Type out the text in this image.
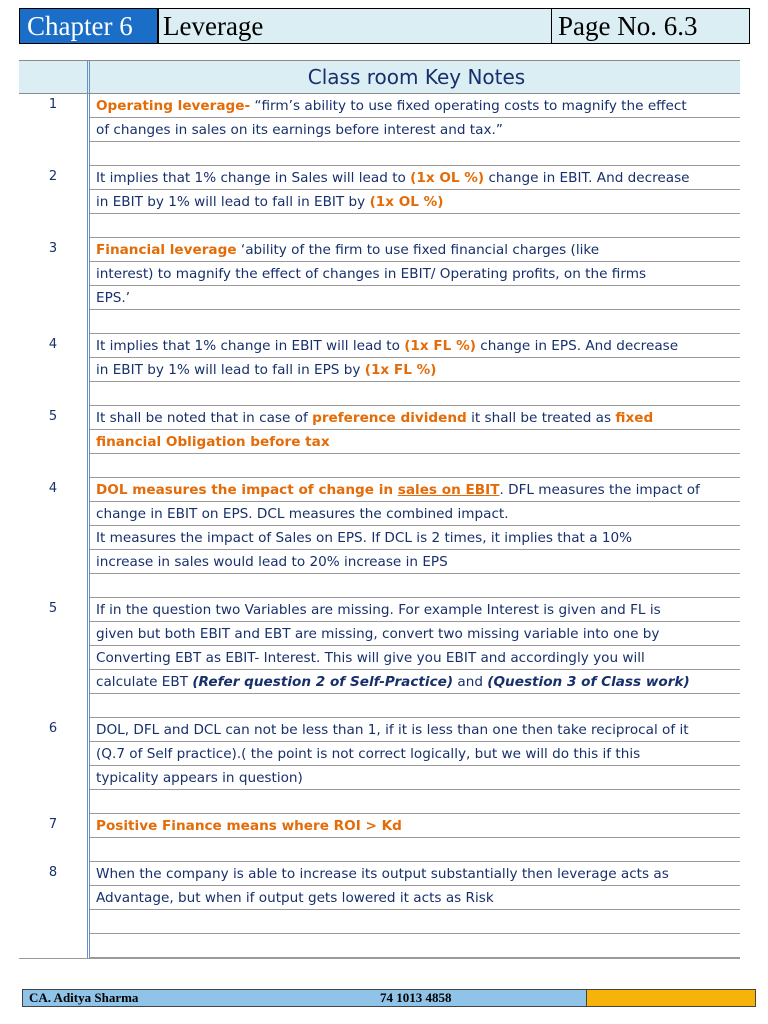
Chapter 6	Leverage	Page No. 6.3
Class room Key Notes
1	Operating leverage- “firm’s ability to use fixed operating costs to magnify the effect
of changes in sales on its earnings before interest and tax.”
2	It implies that 1% change in Sales will lead to (1x OL %) change in EBIT. And decrease
in EBIT by 1% will lead to fall in EBIT by (1x OL %)
3	Financial leverage ‘ability of the firm to use fixed financial charges (like
interest) to magnify the effect of changes in EBIT/ Operating profits, on the firms
EPS.’
4	It implies that 1% change in EBIT will lead to (1x FL %) change in EPS. And decrease
in EBIT by 1% will lead to fall in EPS by (1x FL %)
5	It shall be noted that in case of preference dividend it shall be treated as fixed
financial Obligation before tax
4	DOL measures the impact of change in sales on EBIT. DFL measures the impact of
change in EBIT on EPS. DCL measures the combined impact.
It measures the impact of Sales on EPS. If DCL is 2 times, it implies that a 10%
increase in sales would lead to 20% increase in EPS
5	If in the question two Variables are missing. For example Interest is given and FL is
given but both EBIT and EBT are missing, convert two missing variable into one by
Converting EBT as EBIT- Interest. This will give you EBIT and accordingly you will
calculate EBT (Refer question 2 of Self-Practice) and (Question 3 of Class work)
6	DOL, DFL and DCL can not be less than 1, if it is less than one then take reciprocal of it
(Q.7 of Self practice).( the point is not correct logically, but we will do this if this
typicality appears in question)
7	Positive Finance means where ROI > Kd
8	When the company is able to increase its output substantially then leverage acts as
Advantage, but when if output gets lowered it acts as Risk
CA. Aditya Sharma	74 1013 4858
